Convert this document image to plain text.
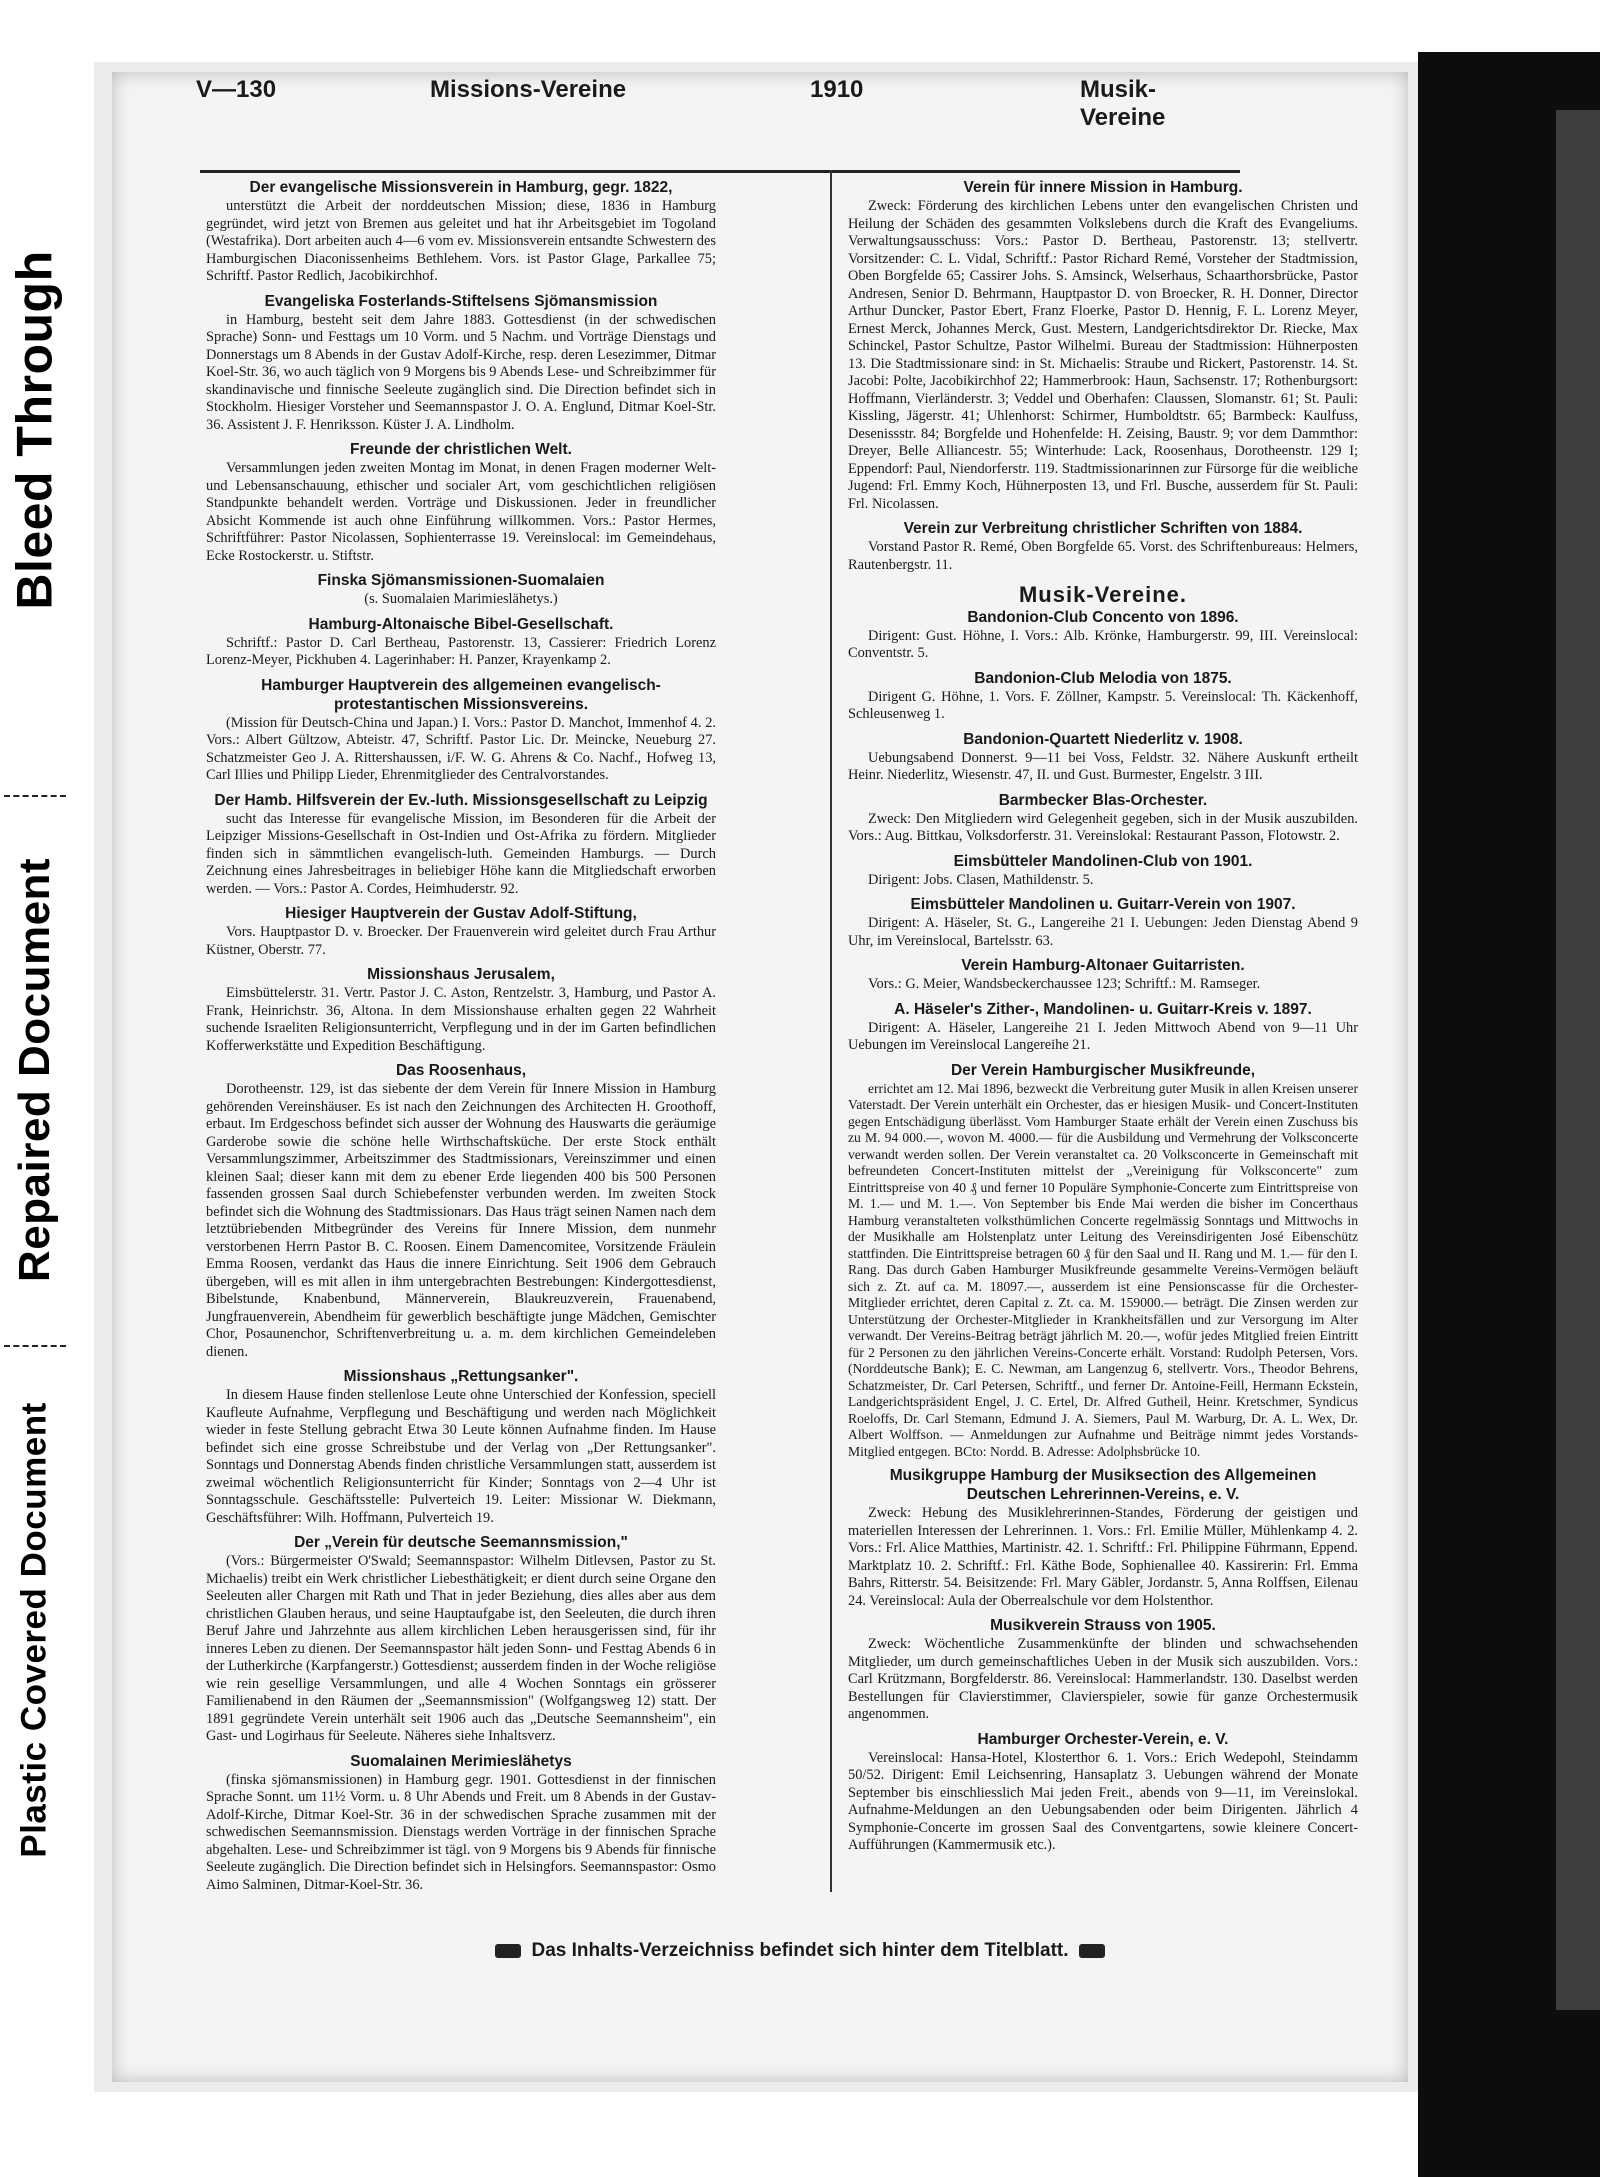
Bleed Through
Repaired Document
Plastic Covered Document
V—130	Missions-Vereine	1910	Musik-Vereine
Der evangelische Missionsverein in Hamburg, gegr. 1822,

unterstützt die Arbeit der norddeutschen Mission; diese, 1836 in Hamburg gegründet, wird jetzt von Bremen aus geleitet und hat ihr Arbeitsgebiet im Togoland (Westafrika). Dort arbeiten auch 4—6 vom ev. Missionsverein entsandte Schwestern des Hamburgischen Diaconissenheims Bethlehem. Vors. ist Pastor Glage, Parkallee 75; Schriftf. Pastor Redlich, Jacobikirchhof.

Evangeliska Fosterlands-Stiftelsens Sjömansmission

in Hamburg, besteht seit dem Jahre 1883. Gottesdienst (in der schwedischen Sprache) Sonn- und Festtags um 10 Vorm. und 5 Nachm. und Vorträge Dienstags und Donnerstags um 8 Abends in der Gustav Adolf-Kirche, resp. deren Lesezimmer, Ditmar Koel-Str. 36, wo auch täglich von 9 Morgens bis 9 Abends Lese- und Schreibzimmer für skandinavische und finnische Seeleute zugänglich sind. Die Direction befindet sich in Stockholm. Hiesiger Vorsteher und Seemannspastor J. O. A. Englund, Ditmar Koel-Str. 36. Assistent J. F. Henriksson. Küster J. A. Lindholm.

Freunde der christlichen Welt.

Versammlungen jeden zweiten Montag im Monat, in denen Fragen moderner Welt- und Lebensanschauung, ethischer und socialer Art, vom geschichtlichen religiösen Standpunkte behandelt werden. Vorträge und Diskussionen. Jeder in freundlicher Absicht Kommende ist auch ohne Einführung willkommen. Vors.: Pastor Hermes, Schriftführer: Pastor Nicolassen, Sophienterrasse 19. Vereinslocal: im Gemeindehaus, Ecke Rostockerstr. u. Stiftstr.

Finska Sjömansmissionen-Suomalaien

(s. Suomalaien Marimieslähetys.)

Hamburg-Altonaische Bibel-Gesellschaft.

Schriftf.: Pastor D. Carl Bertheau, Pastorenstr. 13, Cassierer: Friedrich Lorenz Lorenz-Meyer, Pickhuben 4. Lagerinhaber: H. Panzer, Krayenkamp 2.

Hamburger Hauptverein des allgemeinen evangelisch-protestantischen Missionsvereins.

(Mission für Deutsch-China und Japan.) I. Vors.: Pastor D. Manchot, Immenhof 4. 2. Vors.: Albert Gültzow, Abteistr. 47, Schriftf. Pastor Lic. Dr. Meincke, Neueburg 27. Schatzmeister Geo J. A. Rittershaussen, i/F. W. G. Ahrens & Co. Nachf., Hofweg 13, Carl Illies und Philipp Lieder, Ehrenmitglieder des Centralvorstandes.

Der Hamb. Hilfsverein der Ev.-luth. Missionsgesellschaft zu Leipzig

sucht das Interesse für evangelische Mission, im Besonderen für die Arbeit der Leipziger Missions-Gesellschaft in Ost-Indien und Ost-Afrika zu fördern. Mitglieder finden sich in sämmtlichen evangelisch-luth. Gemeinden Hamburgs. — Durch Zeichnung eines Jahresbeitrages in beliebiger Höhe kann die Mitgliedschaft erworben werden. — Vors.: Pastor A. Cordes, Heimhuderstr. 92.

Hiesiger Hauptverein der Gustav Adolf-Stiftung,

Vors. Hauptpastor D. v. Broecker. Der Frauenverein wird geleitet durch Frau Arthur Küstner, Oberstr. 77.

Missionshaus Jerusalem,

Eimsbüttelerstr. 31. Vertr. Pastor J. C. Aston, Rentzelstr. 3, Hamburg, und Pastor A. Frank, Heinrichstr. 36, Altona. In dem Missionshause erhalten gegen 22 Wahrheit suchende Israeliten Religionsunterricht, Verpflegung und in der im Garten befindlichen Kofferwerkstätte und Expedition Beschäftigung.

Das Roosenhaus,

Dorotheenstr. 129, ist das siebente der dem Verein für Innere Mission in Hamburg gehörenden Vereinshäuser. Es ist nach den Zeichnungen des Architecten H. Groothoff, erbaut. Im Erdgeschoss befindet sich ausser der Wohnung des Hauswarts die geräumige Garderobe sowie die schöne helle Wirthschaftsküche. Der erste Stock enthält Versammlungszimmer, Arbeitszimmer des Stadtmissionars, Vereinszimmer und einen kleinen Saal; dieser kann mit dem zu ebener Erde liegenden 400 bis 500 Personen fassenden grossen Saal durch Schiebefenster verbunden werden. Im zweiten Stock befindet sich die Wohnung des Stadtmissionars. Das Haus trägt seinen Namen nach dem letztübriebenden Mitbegründer des Vereins für Innere Mission, dem nunmehr verstorbenen Herrn Pastor B. C. Roosen. Einem Damencomitee, Vorsitzende Fräulein Emma Roosen, verdankt das Haus die innere Einrichtung. Seit 1906 dem Gebrauch übergeben, will es mit allen in ihm untergebrachten Bestrebungen: Kindergottesdienst, Bibelstunde, Knabenbund, Männerverein, Blaukreuzverein, Frauenabend, Jungfrauenverein, Abendheim für gewerblich beschäftigte junge Mädchen, Gemischter Chor, Posaunenchor, Schriftenverbreitung u. a. m. dem kirchlichen Gemeindeleben dienen.

Missionshaus „Rettungsanker".

In diesem Hause finden stellenlose Leute ohne Unterschied der Konfession, speciell Kaufleute Aufnahme, Verpflegung und Beschäftigung und werden nach Möglichkeit wieder in feste Stellung gebracht Etwa 30 Leute können Aufnahme finden. Im Hause befindet sich eine grosse Schreibstube und der Verlag von „Der Rettungsanker". Sonntags und Donnerstag Abends finden christliche Versammlungen statt, ausserdem ist zweimal wöchentlich Religionsunterricht für Kinder; Sonntags von 2—4 Uhr ist Sonntagsschule. Geschäftsstelle: Pulverteich 19. Leiter: Missionar W. Diekmann, Geschäftsführer: Wilh. Hoffmann, Pulverteich 19.

Der „Verein für deutsche Seemannsmission,"

(Vors.: Bürgermeister O'Swald; Seemannspastor: Wilhelm Ditlevsen, Pastor zu St. Michaelis) treibt ein Werk christlicher Liebesthätigkeit; er dient durch seine Organe den Seeleuten aller Chargen mit Rath und That in jeder Beziehung, dies alles aber aus dem christlichen Glauben heraus, und seine Hauptaufgabe ist, den Seeleuten, die durch ihren Beruf Jahre und Jahrzehnte aus allem kirchlichen Leben herausgerissen sind, für ihr inneres Leben zu dienen. Der Seemannspastor hält jeden Sonn- und Festtag Abends 6 in der Lutherkirche (Karpfangerstr.) Gottesdienst; ausserdem finden in der Woche religiöse wie rein gesellige Versammlungen, und alle 4 Wochen Sonntags ein grösserer Familienabend in den Räumen der „Seemannsmission" (Wolfgangsweg 12) statt. Der 1891 gegründete Verein unterhält seit 1906 auch das „Deutsche Seemannsheim", ein Gast- und Logirhaus für Seeleute. Näheres siehe Inhaltsverz.

Suomalainen Merimieslähetys

(finska sjömansmissionen) in Hamburg gegr. 1901. Gottesdienst in der finnischen Sprache Sonnt. um 11½ Vorm. u. 8 Uhr Abends und Freit. um 8 Abends in der Gustav-Adolf-Kirche, Ditmar Koel-Str. 36 in der schwedischen Sprache zusammen mit der schwedischen Seemannsmission. Dienstags werden Vorträge in der finnischen Sprache abgehalten. Lese- und Schreibzimmer ist tägl. von 9 Morgens bis 9 Abends für finnische Seeleute zugänglich. Die Direction befindet sich in Helsingfors. Seemannspastor: Osmo Aimo Salminen, Ditmar-Koel-Str. 36.

Verein für innere Mission in Hamburg.

Zweck: Förderung des kirchlichen Lebens unter den evangelischen Christen und Heilung der Schäden des gesammten Volkslebens durch die Kraft des Evangeliums. Verwaltungsausschuss: Vors.: Pastor D. Bertheau, Pastorenstr. 13; stellvertr. Vorsitzender: C. L. Vidal, Schriftf.: Pastor Richard Remé, Vorsteher der Stadtmission, Oben Borgfelde 65; Cassirer Johs. S. Amsinck, Welserhaus, Schaarthorsbrücke, Pastor Andresen, Senior D. Behrmann, Hauptpastor D. von Broecker, R. H. Donner, Director Arthur Duncker, Pastor Ebert, Franz Floerke, Pastor D. Hennig, F. L. Lorenz Meyer, Ernest Merck, Johannes Merck, Gust. Mestern, Landgerichtsdirektor Dr. Riecke, Max Schinckel, Pastor Schultze, Pastor Wilhelmi. Bureau der Stadtmission: Hühnerposten 13. Die Stadtmissionare sind: in St. Michaelis: Straube und Rickert, Pastorenstr. 14. St. Jacobi: Polte, Jacobikirchhof 22; Hammerbrook: Haun, Sachsenstr. 17; Rothenburgsort: Hoffmann, Vierländerstr. 3; Veddel und Oberhafen: Claussen, Slomanstr. 61; St. Pauli: Kissling, Jägerstr. 41; Uhlenhorst: Schirmer, Humboldtstr. 65; Barmbeck: Kaulfuss, Desenissstr. 84; Borgfelde und Hohenfelde: H. Zeising, Baustr. 9; vor dem Dammthor: Dreyer, Belle Alliancestr. 55; Winterhude: Lack, Roosenhaus, Dorotheenstr. 129 I; Eppendorf: Paul, Niendorferstr. 119. Stadtmissionarinnen zur Fürsorge für die weibliche Jugend: Frl. Emmy Koch, Hühnerposten 13, und Frl. Busche, ausserdem für St. Pauli: Frl. Nicolassen.

Verein zur Verbreitung christlicher Schriften von 1884.

Vorstand Pastor R. Remé, Oben Borgfelde 65. Vorst. des Schriftenbureaus: Helmers, Rautenbergstr. 11.

Musik-Vereine.
Bandonion-Club Concento von 1896.

Dirigent: Gust. Höhne, I. Vors.: Alb. Krönke, Hamburgerstr. 99, III. Vereinslocal: Conventstr. 5.

Bandonion-Club Melodia von 1875.

Dirigent G. Höhne, 1. Vors. F. Zöllner, Kampstr. 5. Vereinslocal: Th. Käckenhoff, Schleusenweg 1.

Bandonion-Quartett Niederlitz v. 1908.

Uebungsabend Donnerst. 9—11 bei Voss, Feldstr. 32. Nähere Auskunft ertheilt Heinr. Niederlitz, Wiesenstr. 47, II. und Gust. Burmester, Engelstr. 3 III.

Barmbecker Blas-Orchester.

Zweck: Den Mitgliedern wird Gelegenheit gegeben, sich in der Musik auszubilden. Vors.: Aug. Bittkau, Volksdorferstr. 31. Vereinslokal: Restaurant Passon, Flotowstr. 2.

Eimsbütteler Mandolinen-Club von 1901.

Dirigent: Jobs. Clasen, Mathildenstr. 5.

Eimsbütteler Mandolinen u. Guitarr-Verein von 1907.

Dirigent: A. Häseler, St. G., Langereihe 21 I. Uebungen: Jeden Dienstag Abend 9 Uhr, im Vereinslocal, Bartelsstr. 63.

Verein Hamburg-Altonaer Guitarristen.

Vors.: G. Meier, Wandsbeckerchaussee 123; Schriftf.: M. Ramseger.

A. Häseler's Zither-, Mandolinen- u. Guitarr-Kreis v. 1897.

Dirigent: A. Häseler, Langereihe 21 I. Jeden Mittwoch Abend von 9—11 Uhr Uebungen im Vereinslocal Langereihe 21.

Der Verein Hamburgischer Musikfreunde,

errichtet am 12. Mai 1896, bezweckt die Verbreitung guter Musik in allen Kreisen unserer Vaterstadt. Der Verein unterhält ein Orchester, das er hiesigen Musik- und Concert-Instituten gegen Entschädigung überlässt. Vom Hamburger Staate erhält der Verein einen Zuschuss bis zu M. 94 000.—, wovon M. 4000.— für die Ausbildung und Vermehrung der Volksconcerte verwandt werden sollen. Der Verein veranstaltet ca. 20 Volksconcerte in Gemeinschaft mit befreundeten Concert-Instituten mittelst der „Vereinigung für Volksconcerte" zum Eintrittspreise von 40 ₰ und ferner 10 Populäre Symphonie-Concerte zum Eintrittspreise von M. 1.— und M. 1.—. Von September bis Ende Mai werden die bisher im Concerthaus Hamburg veranstalteten volksthümlichen Concerte regelmässig Sonntags und Mittwochs in der Musikhalle am Holstenplatz unter Leitung des Vereinsdirigenten José Eibenschütz stattfinden. Die Eintrittspreise betragen 60 ₰ für den Saal und II. Rang und M. 1.— für den I. Rang. Das durch Gaben Hamburger Musikfreunde gesammelte Vereins-Vermögen beläuft sich z. Zt. auf ca. M. 18097.—, ausserdem ist eine Pensionscasse für die Orchester-Mitglieder errichtet, deren Capital z. Zt. ca. M. 159000.— beträgt. Die Zinsen werden zur Unterstützung der Orchester-Mitglieder in Krankheitsfällen und zur Versorgung im Alter verwandt. Der Vereins-Beitrag beträgt jährlich M. 20.—, wofür jedes Mitglied freien Eintritt für 2 Personen zu den jährlichen Vereins-Concerte erhält. Vorstand: Rudolph Petersen, Vors. (Norddeutsche Bank); E. C. Newman, am Langenzug 6, stellvertr. Vors., Theodor Behrens, Schatzmeister, Dr. Carl Petersen, Schriftf., und ferner Dr. Antoine-Feill, Hermann Eckstein, Landgerichtspräsident Engel, J. C. Ertel, Dr. Alfred Gutheil, Heinr. Kretschmer, Syndicus Roeloffs, Dr. Carl Stemann, Edmund J. A. Siemers, Paul M. Warburg, Dr. A. L. Wex, Dr. Albert Wolffson. — Anmeldungen zur Aufnahme und Beiträge nimmt jedes Vorstands-Mitglied entgegen. BCto: Nordd. B. Adresse: Adolphsbrücke 10.

Musikgruppe Hamburg der Musiksection des Allgemeinen Deutschen Lehrerinnen-Vereins, e. V.

Zweck: Hebung des Musiklehrerinnen-Standes, Förderung der geistigen und materiellen Interessen der Lehrerinnen. 1. Vors.: Frl. Emilie Müller, Mühlenkamp 4. 2. Vors.: Frl. Alice Matthies, Martinistr. 42. 1. Schriftf.: Frl. Philippine Führmann, Eppend. Marktplatz 10. 2. Schriftf.: Frl. Käthe Bode, Sophienallee 40. Kassirerin: Frl. Emma Bahrs, Ritterstr. 54. Beisitzende: Frl. Mary Gäbler, Jordanstr. 5, Anna Rolffsen, Eilenau 24. Vereinslocal: Aula der Oberrealschule vor dem Holstenthor.

Musikverein Strauss von 1905.

Zweck: Wöchentliche Zusammenkünfte der blinden und schwachsehenden Mitglieder, um durch gemeinschaftliches Ueben in der Musik sich auszubilden. Vors.: Carl Krützmann, Borgfelderstr. 86. Vereinslocal: Hammerlandstr. 130. Daselbst werden Bestellungen für Clavierstimmer, Clavierspieler, sowie für ganze Orchestermusik angenommen.

Hamburger Orchester-Verein, e. V.

Vereinslocal: Hansa-Hotel, Klosterthor 6. 1. Vors.: Erich Wedepohl, Steindamm 50/52. Dirigent: Emil Leichsenring, Hansaplatz 3. Uebungen während der Monate September bis einschliesslich Mai jeden Freit., abends von 9—11, im Vereinslokal. Aufnahme-Meldungen an den Uebungsabenden oder beim Dirigenten. Jährlich 4 Symphonie-Concerte im grossen Saal des Conventgartens, sowie kleinere Concert-Aufführungen (Kammermusik etc.).

Das Inhalts-Verzeichniss befindet sich hinter dem Titelblatt.
